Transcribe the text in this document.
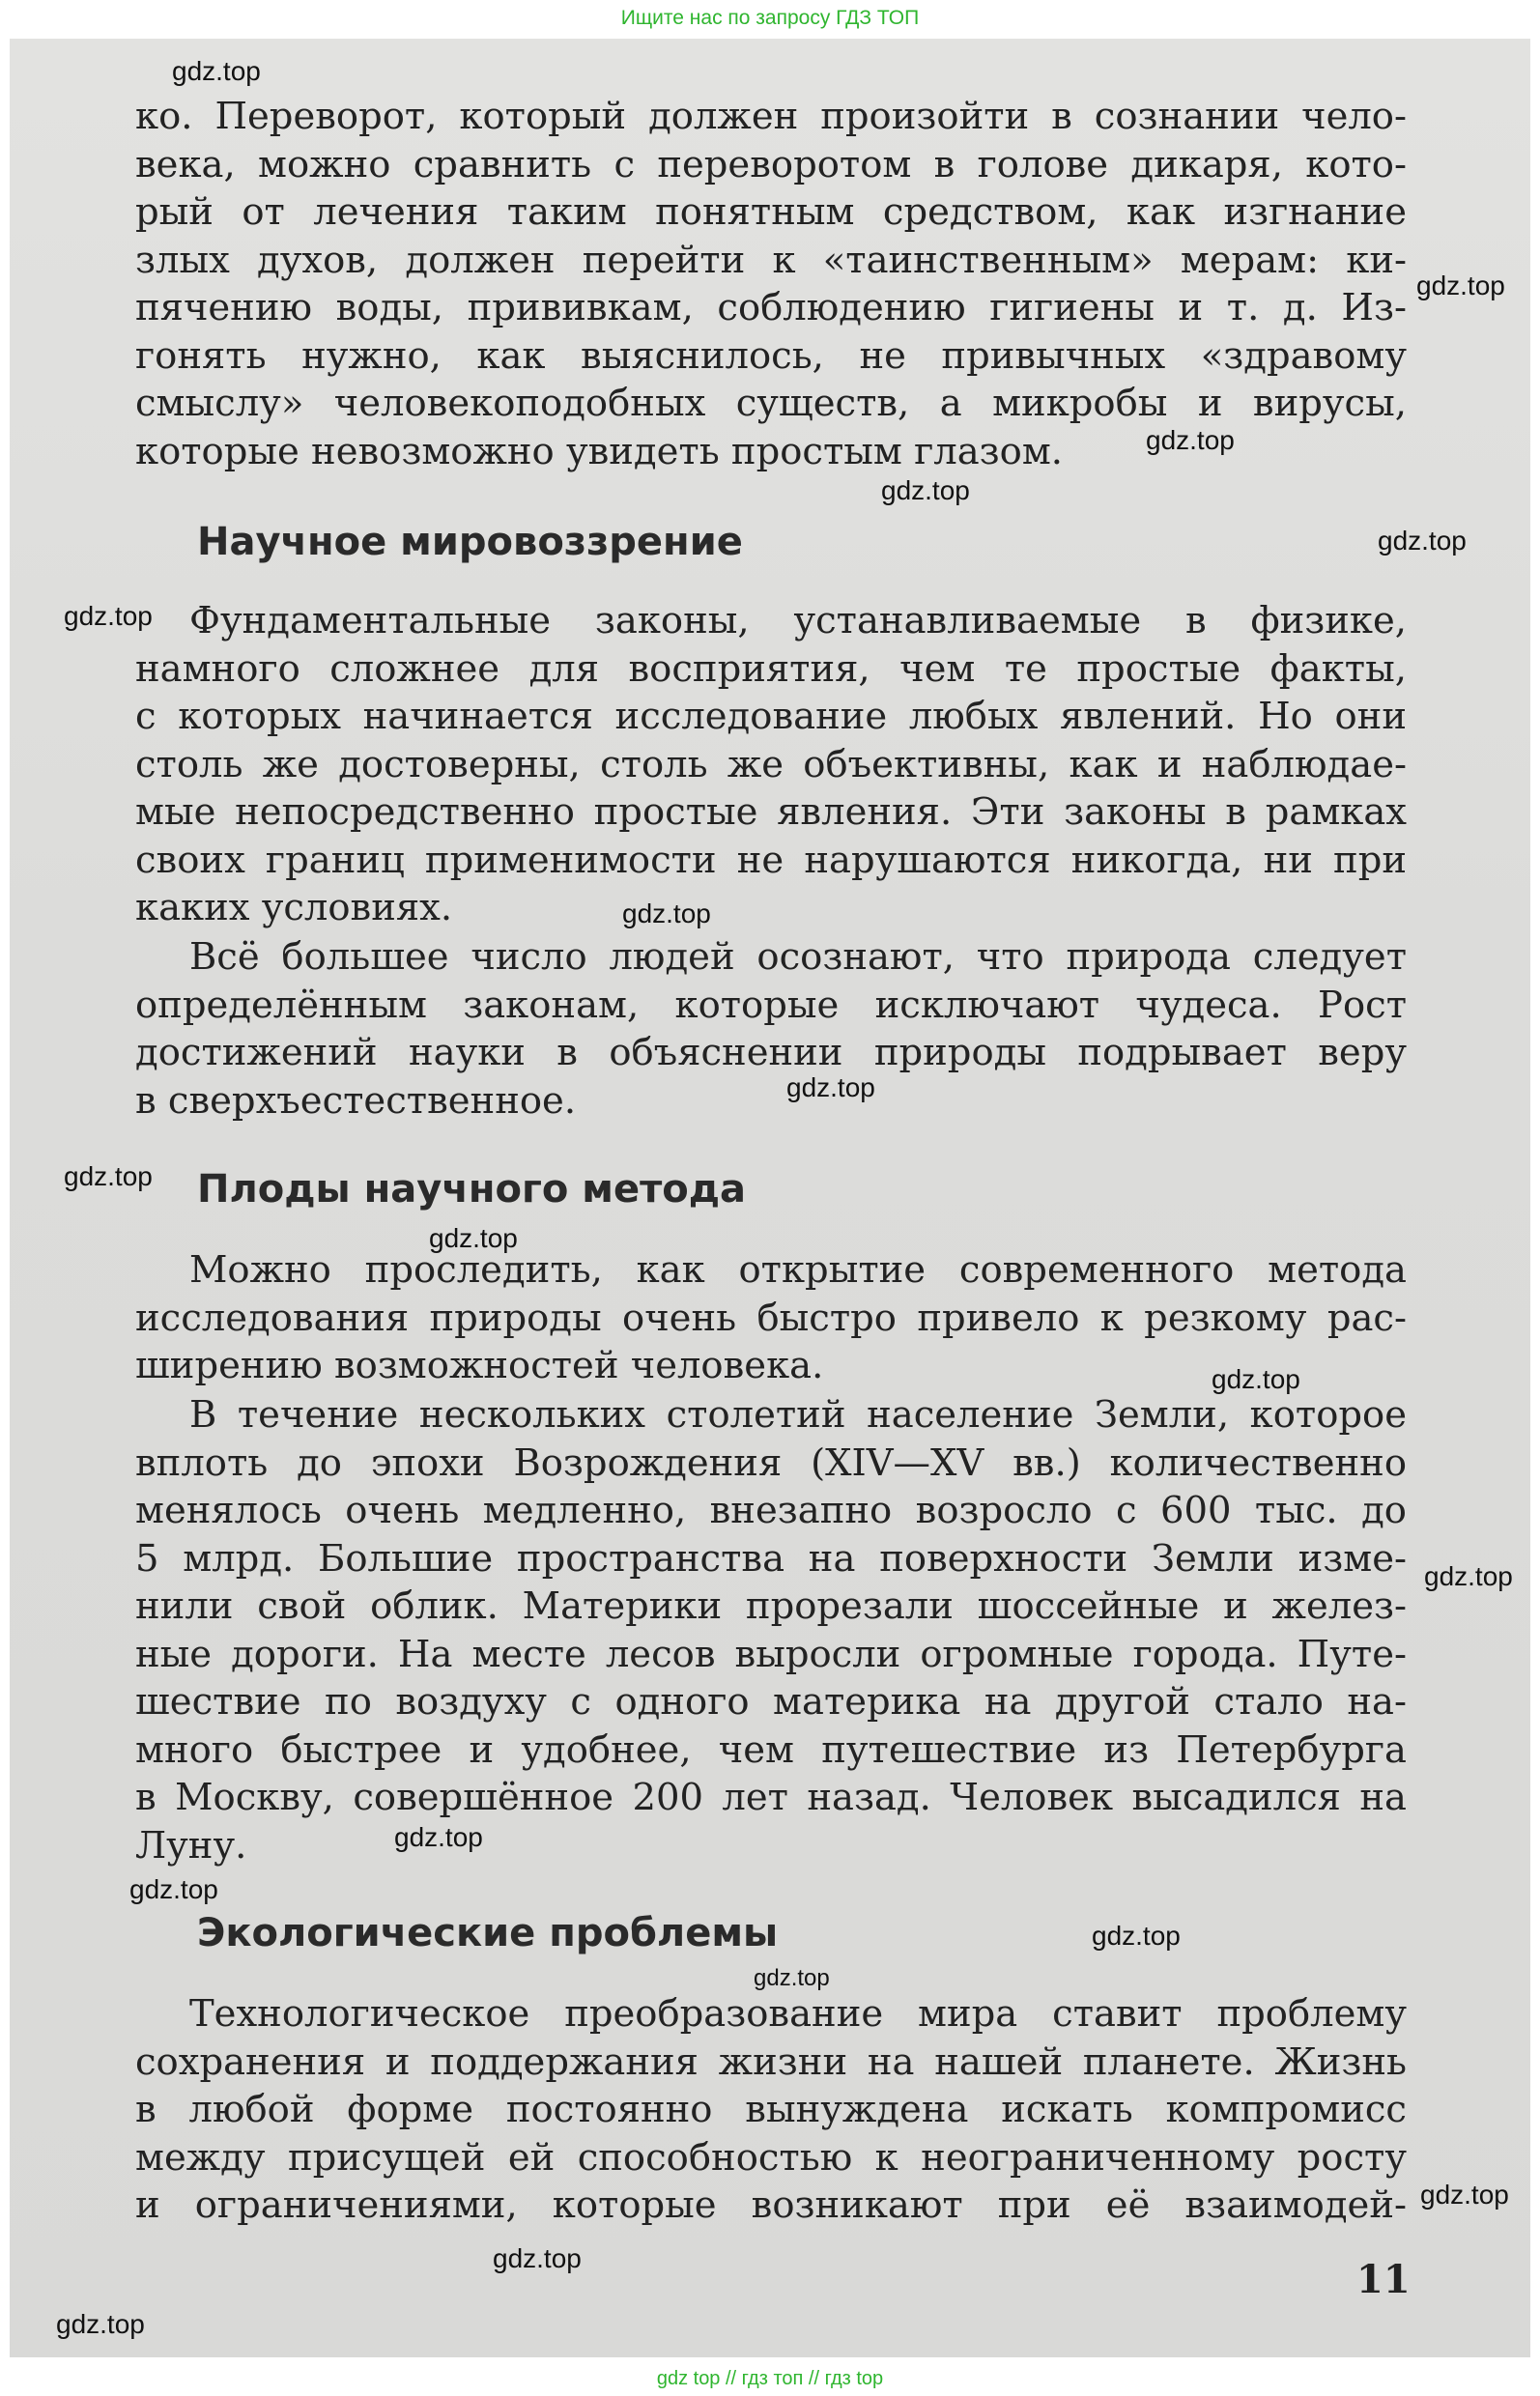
Ищите нас по запросу ГДЗ ТОП
ко. Переворот, который должен произойти в сознании чело-
века, можно сравнить с переворотом в голове дикаря, кото-
рый от лечения таким понятным средством, как изгнание
злых духов, должен перейти к «таинственным» мерам: ки-
пячению воды, прививкам, соблюдению гигиены и т. д. Из-
гонять нужно, как выяснилось, не привычных «здравому
смыслу» человекоподобных существ, а микробы и вирусы,
которые невозможно увидеть простым глазом.
Научное мировоззрение
Фундаментальные законы, устанавливаемые в физике,
намного сложнее для восприятия, чем те простые факты,
с которых начинается исследование любых явлений. Но они
столь же достоверны, столь же объективны, как и наблюдае-
мые непосредственно простые явления. Эти законы в рамках
своих границ применимости не нарушаются никогда, ни при
каких условиях.
Всё большее число людей осознают, что природа следует
определённым законам, которые исключают чудеса. Рост
достижений науки в объяснении природы подрывает веру
в сверхъестественное.
Плоды научного метода
Можно проследить, как открытие современного метода
исследования природы очень быстро привело к резкому рас-
ширению возможностей человека.
В течение нескольких столетий население Земли, которое
вплоть до эпохи Возрождения (XIV—XV вв.) количественно
менялось очень медленно, внезапно возросло с 600 тыс. до
5 млрд. Большие пространства на поверхности Земли изме-
нили свой облик. Материки прорезали шоссейные и желез-
ные дороги. На месте лесов выросли огромные города. Путе-
шествие по воздуху с одного материка на другой стало на-
много быстрее и удобнее, чем путешествие из Петербурга
в Москву, совершённое 200 лет назад. Человек высадился на
Луну.
Экологические проблемы
Технологическое преобразование мира ставит проблему
сохранения и поддержания жизни на нашей планете. Жизнь
в любой форме постоянно вынуждена искать компромисс
между присущей ей способностью к неограниченному росту
и ограничениями, которые возникают при её взаимодей-
11
gdz.top
gdz.top
gdz.top
gdz.top
gdz.top
gdz.top
gdz.top
gdz.top
gdz.top
gdz.top
gdz.top
gdz.top
gdz.top
gdz.top
gdz.top
gdz.top
gdz.top
gdz.top
gdz.top
gdz top // гдз топ // гдз top
